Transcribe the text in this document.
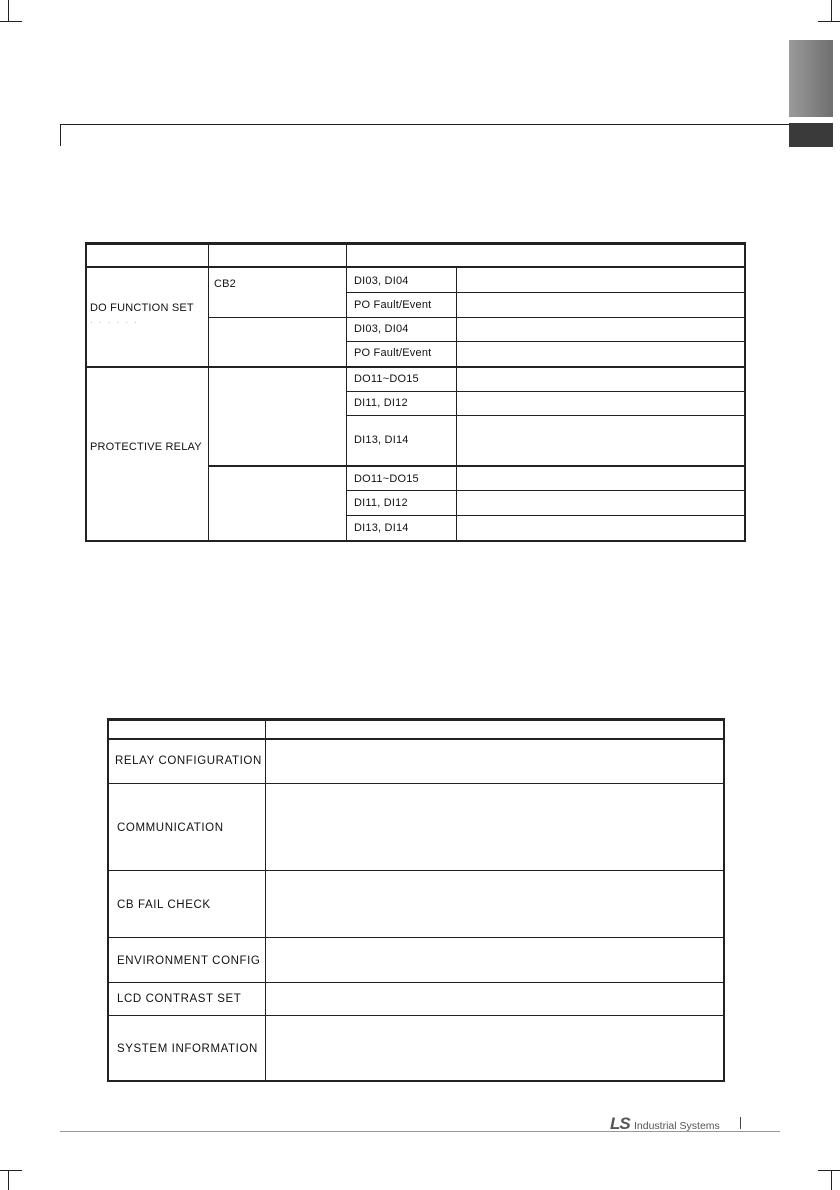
DO FUNCTION SET
· · · · · ·
CB2	DI03, DI04
PO Fault/Event
DI03, DI04
PO Fault/Event
PROTECTIVE RELAY
DO11~DO15
DI11, DI12
DI13, DI14
DO11~DO15
DI11, DI12
DI13, DI14
RELAY CONFIGURATION
COMMUNICATION
CB FAIL CHECK
ENVIRONMENT CONFIG
LCD CONTRAST SET
SYSTEM INFORMATION
LS Industrial Systems
